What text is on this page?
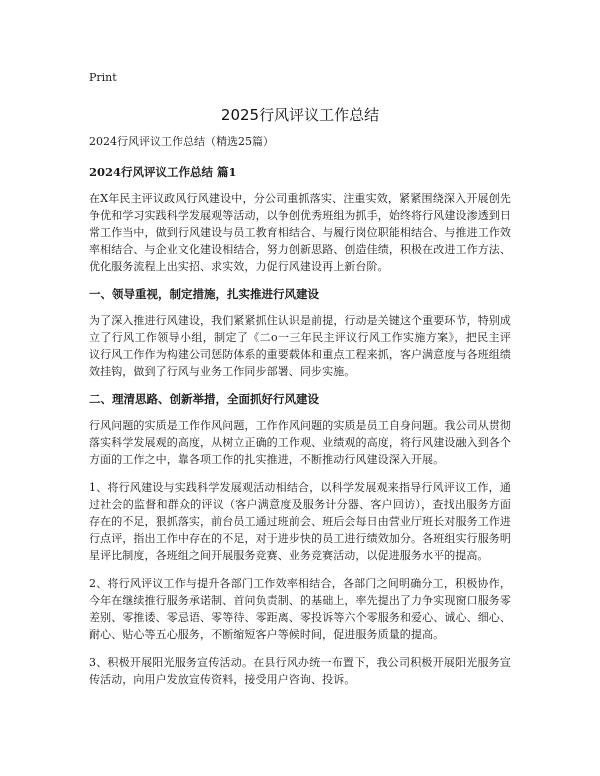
Print
2025行风评议工作总结

2024行风评议工作总结（精选25篇）

2024行风评议工作总结 篇1

在X年民主评议政风行风建设中，分公司重抓落实、注重实效，紧紧围绕深入开展创先争优和学习实践科学发展观等活动，以争创优秀班组为抓手，始终将行风建设渗透到日常工作当中，做到行风建设与员工教育相结合、与履行岗位职能相结合、与推进工作效率相结合、与企业文化建设相结合，努力创新思路、创造佳绩，积极在改进工作方法、优化服务流程上出实招、求实效，力促行风建设再上新台阶。

一、领导重视，制定措施，扎实推进行风建设

为了深入推进行风建设，我们紧紧抓住认识是前提，行动是关键这个重要环节，特别成立了行风工作领导小组，制定了《二o一三年民主评议行风工作实施方案》，把民主评议行风工作作为构建公司惩防体系的重要载体和重点工程来抓，客户满意度与各班组绩效挂钩，做到了行风与业务工作同步部署、同步实施。

二、理清思路、创新举措，全面抓好行风建设

行风问题的实质是工作作风问题，工作作风问题的实质是员工自身问题。我公司从贯彻落实科学发展观的高度，从树立正确的工作观、业绩观的高度，将行风建设融入到各个方面的工作之中，靠各项工作的扎实推进，不断推动行风建设深入开展。

1、将行风建设与实践科学发展观活动相结合，以科学发展观来指导行风评议工作，通过社会的监督和群众的评议（客户满意度及服务计分器、客户回访），查找出服务方面存在的不足，狠抓落实，前台员工通过班前会、班后会每日由营业厅班长对服务工作进行点评，指出工作中存在的不足，对于进步快的员工进行绩效加分。各班组实行服务明星评比制度，各班组之间开展服务竞赛、业务竞赛活动，以促进服务水平的提高。

2、将行风评议工作与提升各部门工作效率相结合，各部门之间明确分工，积极协作，今年在继续推行服务承诺制、首问负责制、的基础上，率先提出了力争实现窗口服务零差别、零推诿、零忌语、零等待、零距离、零投诉等六个零服务和爱心、诚心、细心、耐心、贴心等五心服务，不断缩短客户等候时间，促进服务质量的提高。

3、积极开展阳光服务宣传活动。在县行风办统一布置下，我公司积极开展阳光服务宣传活动，向用户发放宣传资料，接受用户咨询、投诉。
